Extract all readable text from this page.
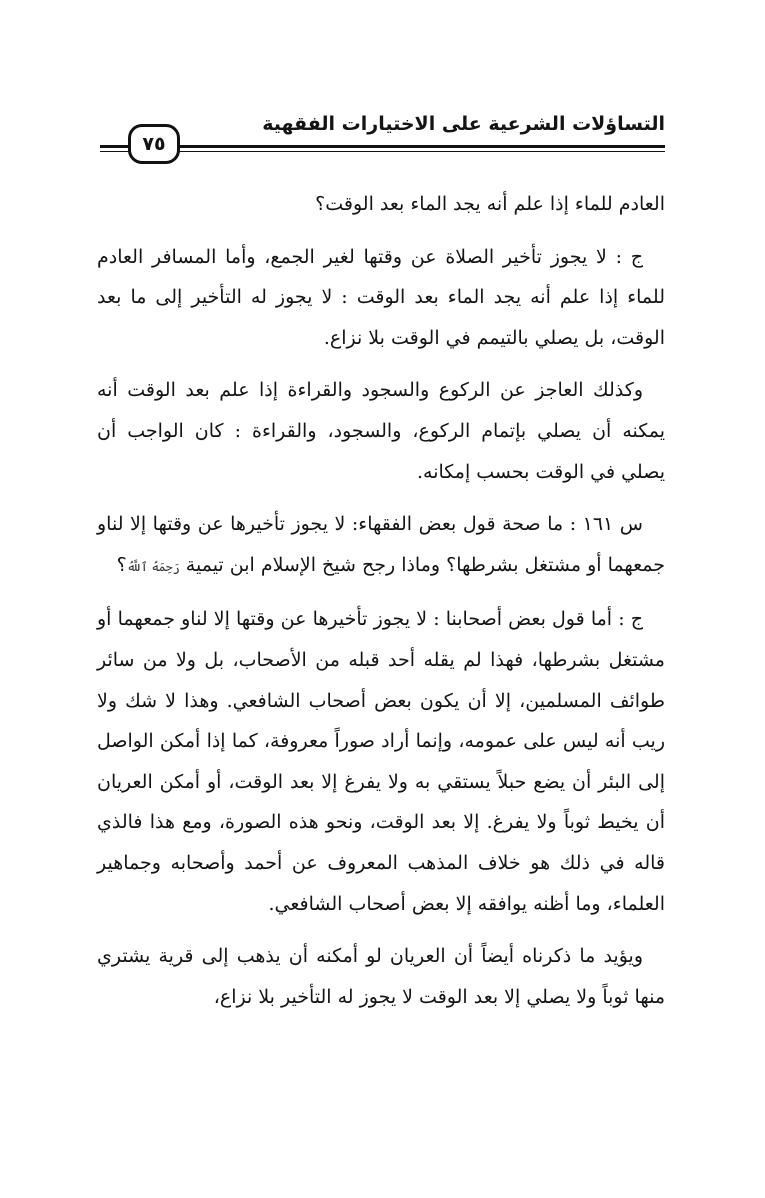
التساؤلات الشرعية على الاختيارات الفقهية
٧٥

العادم للماء إذا علم أنه يجد الماء بعد الوقت؟

ج : لا يجوز تأخير الصلاة عن وقتها لغير الجمع، وأما المسافر العادم للماء إذا علم أنه يجد الماء بعد الوقت : لا يجوز له التأخير إلى ما بعد الوقت، بل يصلي بالتيمم في الوقت بلا نزاع.

وكذلك العاجز عن الركوع والسجود والقراءة إذا علم بعد الوقت أنه يمكنه أن يصلي بإتمام الركوع، والسجود، والقراءة : كان الواجب أن يصلي في الوقت بحسب إمكانه.

س ١٦١ : ما صحة قول بعض الفقهاء: لا يجوز تأخيرها عن وقتها إلا لناو جمعهما أو مشتغل بشرطها؟ وماذا رجح شيخ الإسلام ابن تيمية رَحِمَهُ ٱللَّهُ؟

ج : أما قول بعض أصحابنا : لا يجوز تأخيرها عن وقتها إلا لناو جمعهما أو مشتغل بشرطها، فهذا لم يقله أحد قبله من الأصحاب، بل ولا من سائر طوائف المسلمين، إلا أن يكون بعض أصحاب الشافعي. وهذا لا شك ولا ريب أنه ليس على عمومه، وإنما أراد صوراً معروفة، كما إذا أمكن الواصل إلى البئر أن يضع حبلاً يستقي به ولا يفرغ إلا بعد الوقت، أو أمكن العريان أن يخيط ثوباً ولا يفرغ. إلا بعد الوقت، ونحو هذه الصورة، ومع هذا فالذي قاله في ذلك هو خلاف المذهب المعروف عن أحمد وأصحابه وجماهير العلماء، وما أظنه يوافقه إلا بعض أصحاب الشافعي.

ويؤيد ما ذكرناه أيضاً أن العريان لو أمكنه أن يذهب إلى قرية يشتري منها ثوباً ولا يصلي إلا بعد الوقت لا يجوز له التأخير بلا نزاع،
